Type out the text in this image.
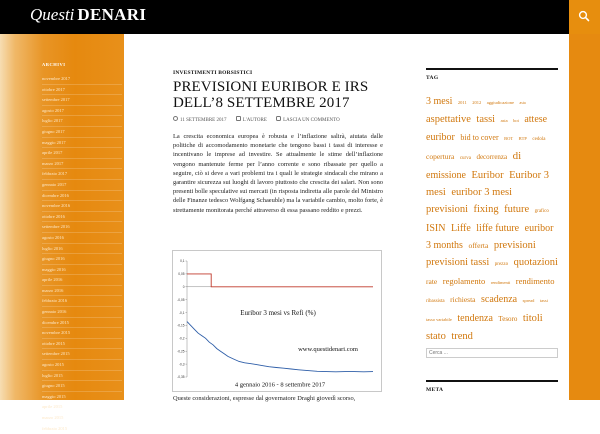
Questi DENARI
ARCHIVI
novembre 2017
ottobre 2017
settembre 2017
agosto 2017
luglio 2017
giugno 2017
maggio 2017
aprile 2017
marzo 2017
febbraio 2017
gennaio 2017
dicembre 2016
novembre 2016
ottobre 2016
settembre 2016
agosto 2016
luglio 2016
giugno 2016
maggio 2016
aprile 2016
marzo 2016
febbraio 2016
gennaio 2016
dicembre 2015
novembre 2015
ottobre 2015
settembre 2015
agosto 2015
luglio 2015
giugno 2015
maggio 2015
aprile 2015
marzo 2015
febbraio 2015
INVESTIMENTI BORSISTICI
PREVISIONI EURIBOR E IRS DELL’8 SETTEMBRE 2017
11 SETTEMBRE 2017	L'AUTORE	LASCIA UN COMMENTO

La crescita economica europea è robusta e l’inflazione salirà, aiutata dalle politiche di accomodamento monetarie che tengono bassi i tassi di interesse e incentivano le imprese ad investire. Se attualmente le stime dell’inflazione vengono mantenute ferme per l’anno corrente e sono ribassate per quello a seguire, ciò si deve a vari problemi tra i quali le strategie sindacali che mirano a garantire sicurezza sui luoghi di lavoro piuttosto che crescita dei salari. Non sono presenti bolle speculative sui mercati (in risposta indiretta alle parole del Ministro delle Finanze tedesco Wolfgang Schaeuble) ma la variabile cambio, molto forte, è strettamente monitorata perché attraverso di essa passano reddito e prezzi.

0,1
0,05
0
-0,05
-0,1
-0,15
-0,2
-0,25
-0,3
-0,35
Euribor 3 mesi vs Refi (%)
www.questidenari.com
4 gennaio 2016 - 8 settembre 2017

Queste considerazioni, espresse dal governatore Draghi giovedì scorso,

TAG
3 mesi 2011 2012 aggiudicazione asta aspettative tassi asta bot attese euribor bid to cover BOT BTP cedola copertura curva decorrenza di emissione Euribor Euribor 3 mesi euribor 3 mesi previsioni fixing future grafico ISIN Liffe liffe future euribor 3 months offerta previsioni previsioni tassi prezzo quotazioni rate regolamento rendimenti rendimento ribassista richiesta scadenza spread tassi tasso variabile tendenza Tesoro titoli stato trend
Cerca ...
META
